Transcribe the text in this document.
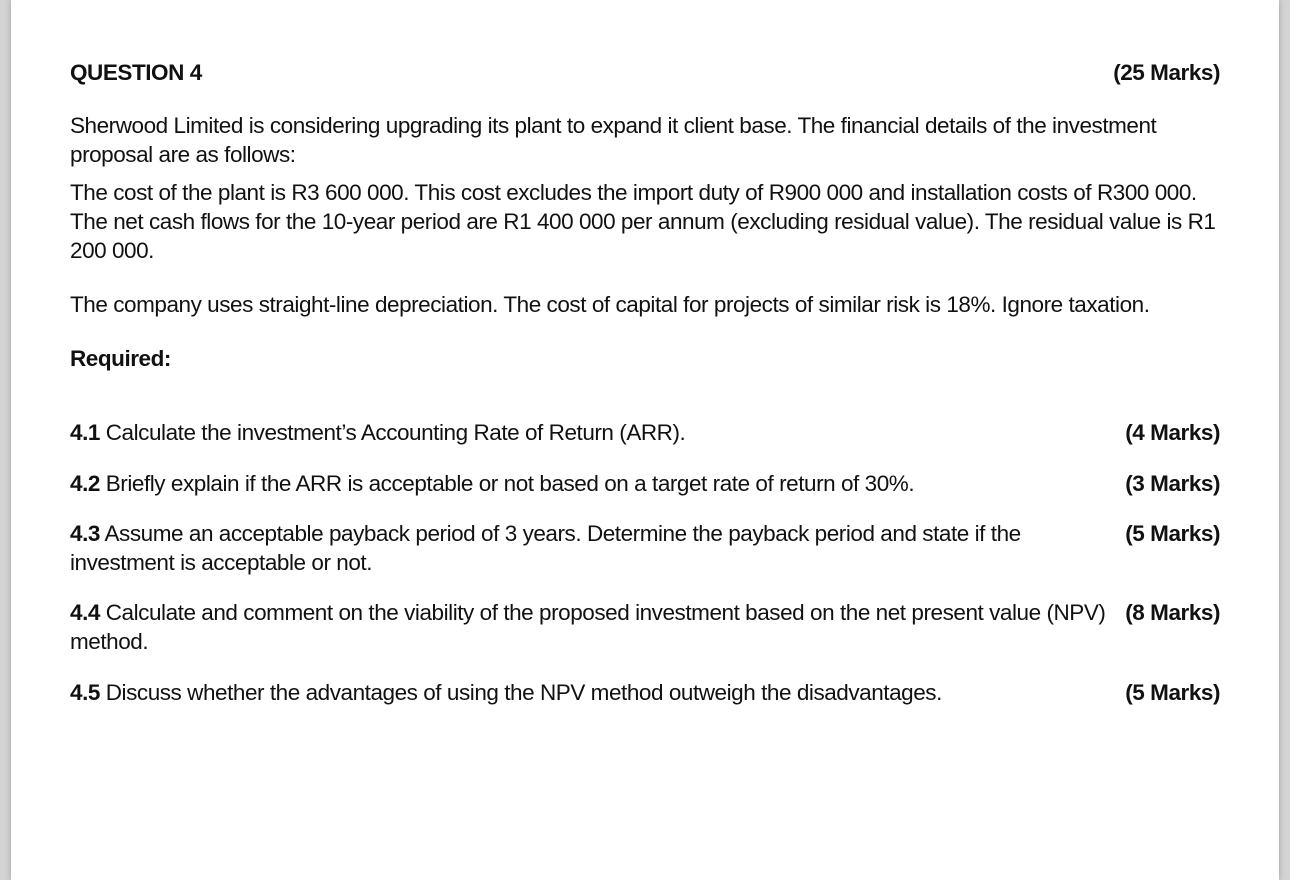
QUESTION 4	(25 Marks)

Sherwood Limited is considering upgrading its plant to expand it client base. The financial details of the investment proposal are as follows:

The cost of the plant is R3 600 000. This cost excludes the import duty of R900 000 and installation costs of R300 000. The net cash flows for the 10-year period are R1 400 000 per annum (excluding residual value). The residual value is R1 200 000.

The company uses straight-line depreciation. The cost of capital for projects of similar risk is 18%. Ignore taxation.

Required:

4.1 Calculate the investment’s Accounting Rate of Return (ARR).	(4 Marks)
4.2 Briefly explain if the ARR is acceptable or not based on a target rate of return of 30%.	(3 Marks)
4.3 Assume an acceptable payback period of 3 years. Determine the payback period and state if the investment is acceptable or not.
(5 Marks)
4.4 Calculate and comment on the viability of the proposed investment based on the net present value (NPV) method.
(8 Marks)
4.5 Discuss whether the advantages of using the NPV method outweigh the disadvantages.	(5 Marks)
